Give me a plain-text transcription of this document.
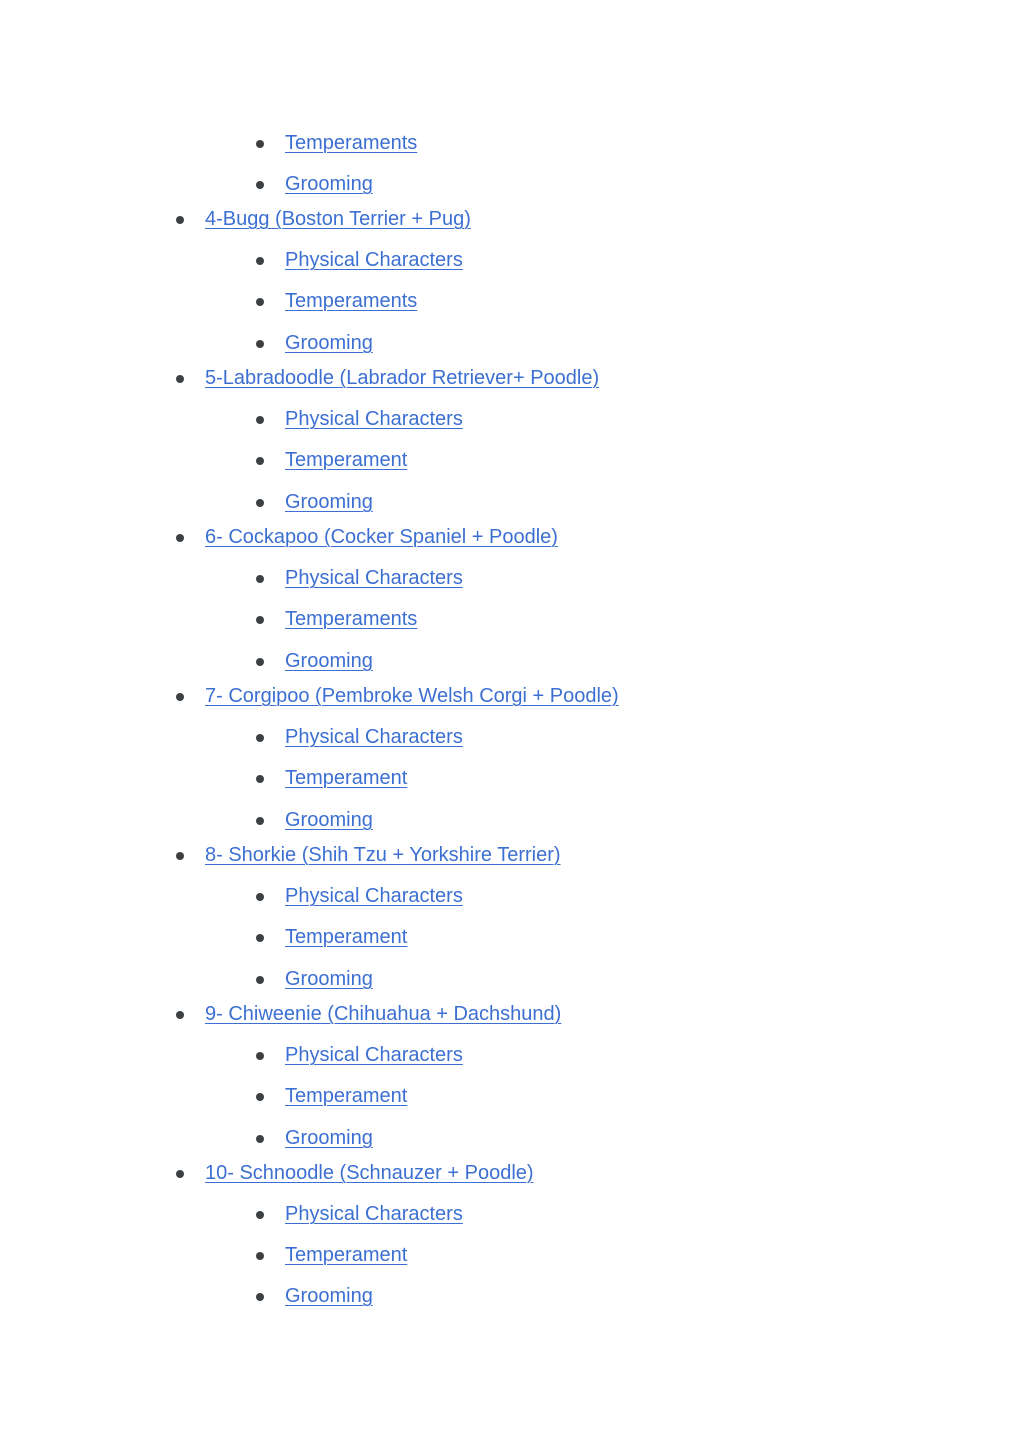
Temperaments
Grooming
4-Bugg (Boston Terrier + Pug)
Physical Characters
Temperaments
Grooming
5-Labradoodle (Labrador Retriever+ Poodle)
Physical Characters
Temperament
Grooming
6- Cockapoo (Cocker Spaniel + Poodle)
Physical Characters
Temperaments
Grooming
7- Corgipoo (Pembroke Welsh Corgi + Poodle)
Physical Characters
Temperament
Grooming
8- Shorkie (Shih Tzu + Yorkshire Terrier)
Physical Characters
Temperament
Grooming
9- Chiweenie (Chihuahua + Dachshund)
Physical Characters
Temperament
Grooming
10- Schnoodle (Schnauzer + Poodle)
Physical Characters
Temperament
Grooming
